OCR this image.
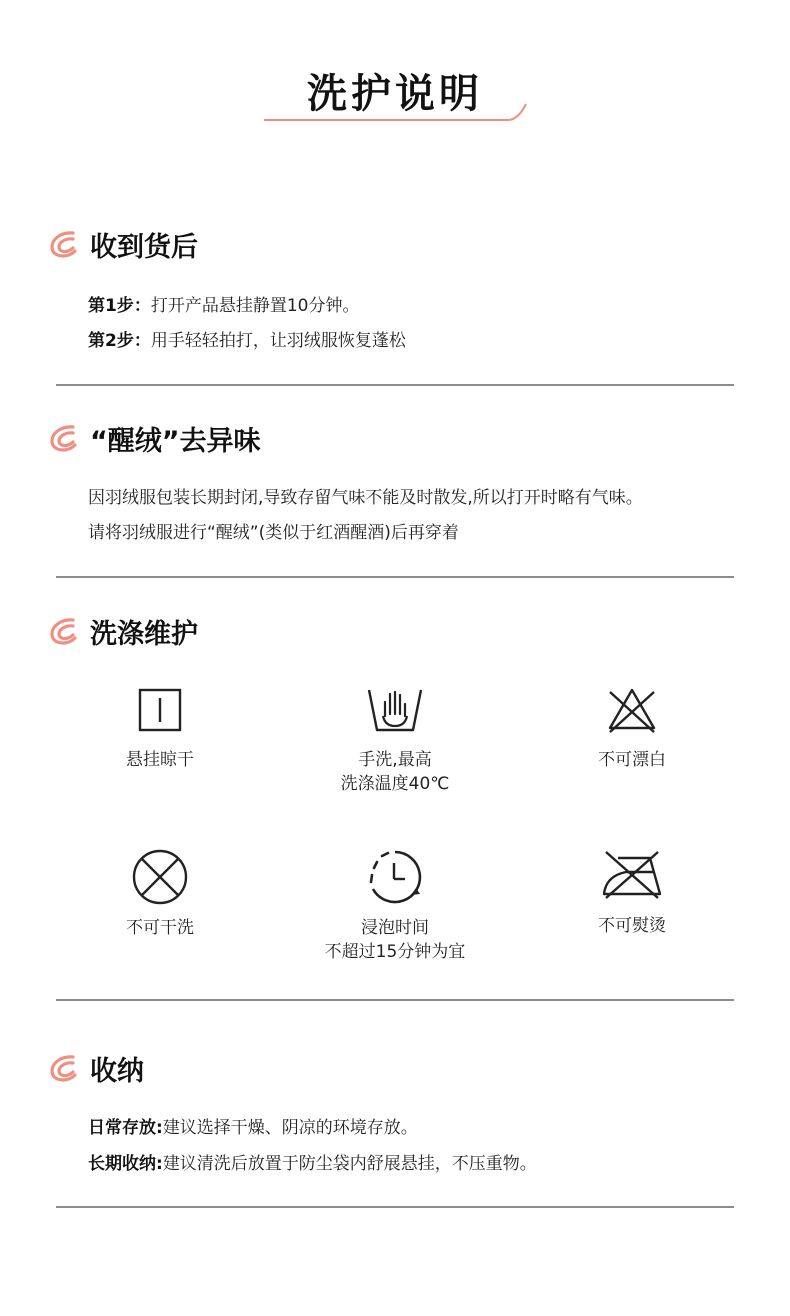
洗护说明
收到货后
第1步：打开产品悬挂静置10分钟。
第2步：用手轻轻拍打，让羽绒服恢复蓬松
“醒绒”去异味
因羽绒服包装长期封闭,导致存留气味不能及时散发,所以打开时略有气味。
请将羽绒服进行“醒绒”(类似于红酒醒酒)后再穿着
洗涤维护
悬挂晾干	手洗,最高
洗涤温度40℃
不可漂白
不可干洗	浸泡时间
不超过15分钟为宜
不可熨烫
收纳
日常存放:建议选择干燥、阴凉的环境存放。
长期收纳:建议清洗后放置于防尘袋内舒展悬挂，不压重物。
